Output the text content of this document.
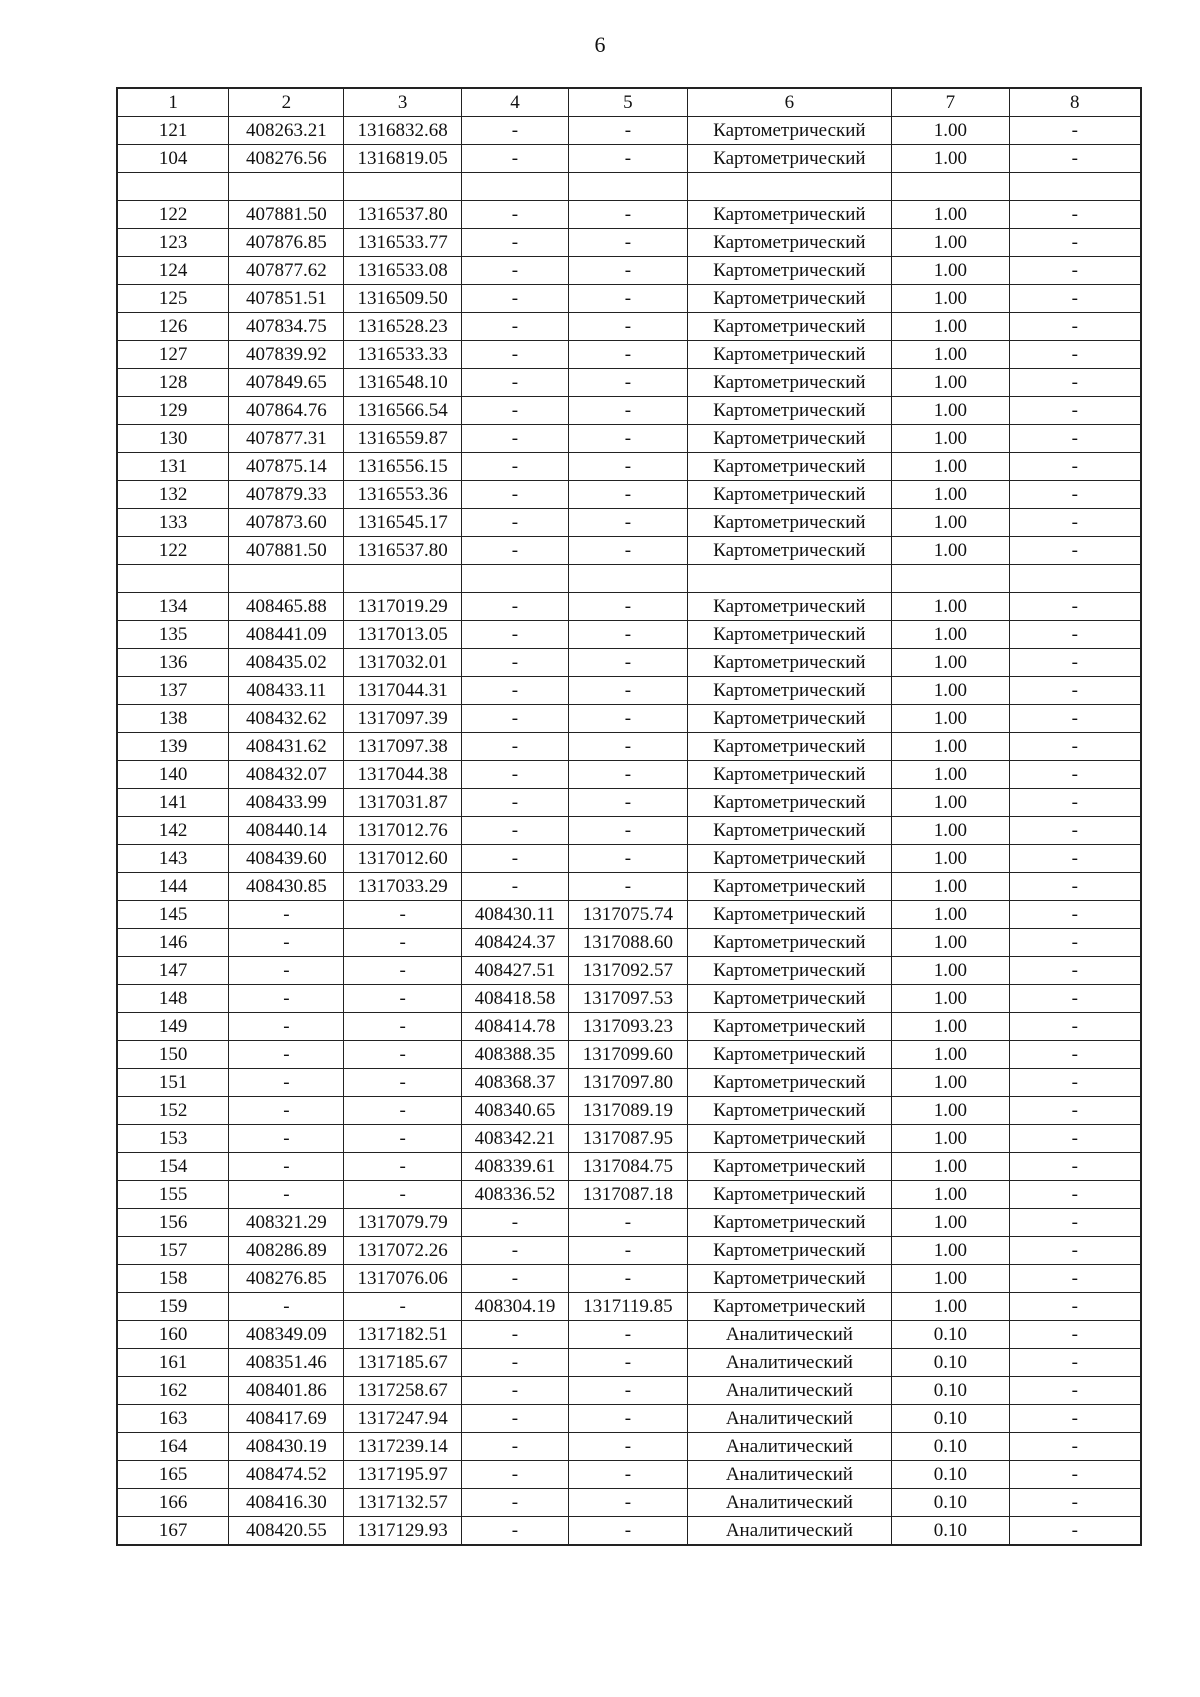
6
1	2	3	4	5	6	7	8
121	408263.21	1316832.68	-	-	Картометрический	1.00	-
104	408276.56	1316819.05	-	-	Картометрический	1.00	-

122	407881.50	1316537.80	-	-	Картометрический	1.00	-
123	407876.85	1316533.77	-	-	Картометрический	1.00	-
124	407877.62	1316533.08	-	-	Картометрический	1.00	-
125	407851.51	1316509.50	-	-	Картометрический	1.00	-
126	407834.75	1316528.23	-	-	Картометрический	1.00	-
127	407839.92	1316533.33	-	-	Картометрический	1.00	-
128	407849.65	1316548.10	-	-	Картометрический	1.00	-
129	407864.76	1316566.54	-	-	Картометрический	1.00	-
130	407877.31	1316559.87	-	-	Картометрический	1.00	-
131	407875.14	1316556.15	-	-	Картометрический	1.00	-
132	407879.33	1316553.36	-	-	Картометрический	1.00	-
133	407873.60	1316545.17	-	-	Картометрический	1.00	-
122	407881.50	1316537.80	-	-	Картометрический	1.00	-

134	408465.88	1317019.29	-	-	Картометрический	1.00	-
135	408441.09	1317013.05	-	-	Картометрический	1.00	-
136	408435.02	1317032.01	-	-	Картометрический	1.00	-
137	408433.11	1317044.31	-	-	Картометрический	1.00	-
138	408432.62	1317097.39	-	-	Картометрический	1.00	-
139	408431.62	1317097.38	-	-	Картометрический	1.00	-
140	408432.07	1317044.38	-	-	Картометрический	1.00	-
141	408433.99	1317031.87	-	-	Картометрический	1.00	-
142	408440.14	1317012.76	-	-	Картометрический	1.00	-
143	408439.60	1317012.60	-	-	Картометрический	1.00	-
144	408430.85	1317033.29	-	-	Картометрический	1.00	-
145	-	-	408430.11	1317075.74	Картометрический	1.00	-
146	-	-	408424.37	1317088.60	Картометрический	1.00	-
147	-	-	408427.51	1317092.57	Картометрический	1.00	-
148	-	-	408418.58	1317097.53	Картометрический	1.00	-
149	-	-	408414.78	1317093.23	Картометрический	1.00	-
150	-	-	408388.35	1317099.60	Картометрический	1.00	-
151	-	-	408368.37	1317097.80	Картометрический	1.00	-
152	-	-	408340.65	1317089.19	Картометрический	1.00	-
153	-	-	408342.21	1317087.95	Картометрический	1.00	-
154	-	-	408339.61	1317084.75	Картометрический	1.00	-
155	-	-	408336.52	1317087.18	Картометрический	1.00	-
156	408321.29	1317079.79	-	-	Картометрический	1.00	-
157	408286.89	1317072.26	-	-	Картометрический	1.00	-
158	408276.85	1317076.06	-	-	Картометрический	1.00	-
159	-	-	408304.19	1317119.85	Картометрический	1.00	-
160	408349.09	1317182.51	-	-	Аналитический	0.10	-
161	408351.46	1317185.67	-	-	Аналитический	0.10	-
162	408401.86	1317258.67	-	-	Аналитический	0.10	-
163	408417.69	1317247.94	-	-	Аналитический	0.10	-
164	408430.19	1317239.14	-	-	Аналитический	0.10	-
165	408474.52	1317195.97	-	-	Аналитический	0.10	-
166	408416.30	1317132.57	-	-	Аналитический	0.10	-
167	408420.55	1317129.93	-	-	Аналитический	0.10	-
